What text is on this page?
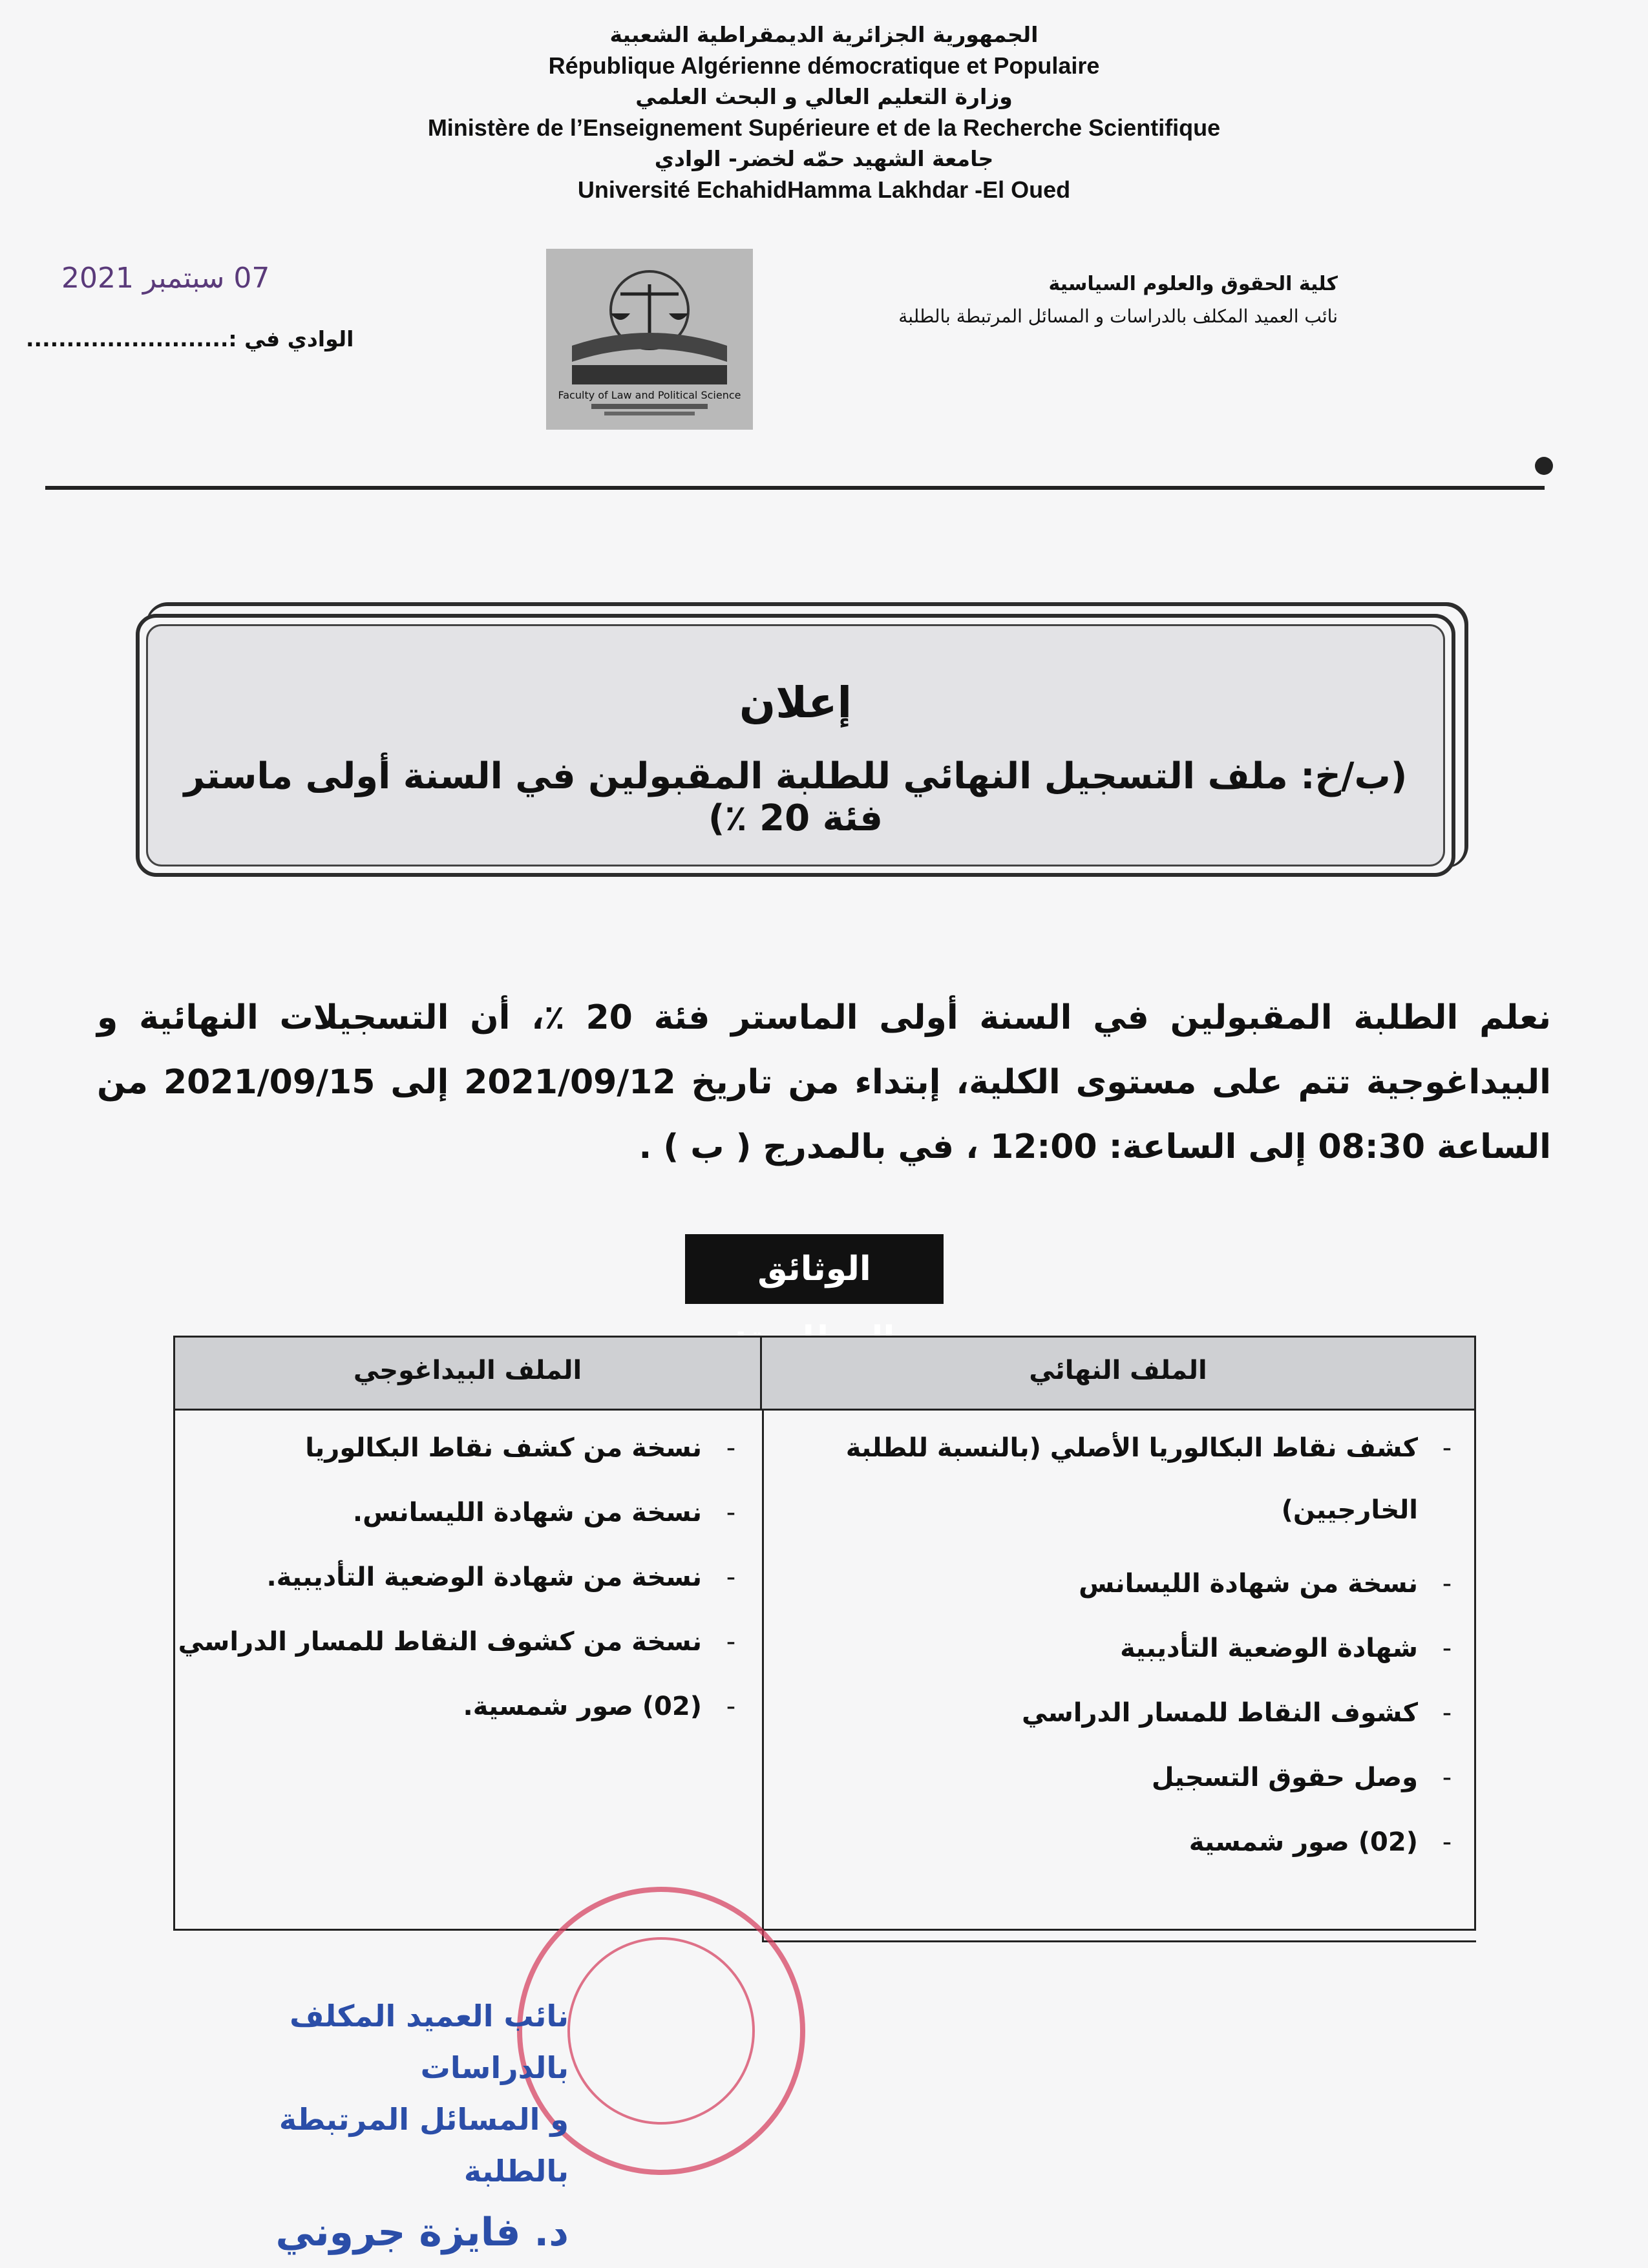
الجمهورية الجزائرية الديمقراطية الشعبية
République Algérienne démocratique et Populaire
وزارة التعليم العالي و البحث العلمي
Ministère de l’Enseignement Supérieure et de la Recherche Scientifique
جامعة الشهيد حمّه لخضر- الوادي
Université EchahidHamma Lakhdar -El Oued
07 سبتمبر 2021
الوادي في :.........................
كلية الحقوق والعلوم السياسية
نائب العميد المكلف بالدراسات و المسائل المرتبطة بالطلبة
Faculty of Law and Political Science
إعلان
(ب/خ: ملف التسجيل النهائي للطلبة المقبولين في السنة أولى ماستر فئة 20 ٪)
نعلم الطلبة المقبولين في السنة أولى الماستر فئة 20 ٪، أن التسجيلات النهائية و البيداغوجية تتم على مستوى الكلية، إبتداء من تاريخ 2021/09/12 إلى 2021/09/15 من الساعة 08:30 إلى الساعة: 12:00 ، في بالمدرج ( ب ) .
الوثائق
الملف البيداغوجي	الملف النهائي
-كشف نقاط البكالوريا الأصلي (بالنسبة للطلبة الخارجيين)
-نسخة من شهادة الليسانس
-شهادة الوضعية التأديبية
-كشوف النقاط للمسار الدراسي
-وصل حقوق التسجيل
-(02) صور شمسية
-نسخة من كشف نقاط البكالوريا
-نسخة من شهادة الليسانس.
-نسخة من شهادة الوضعية التأديبية.
-نسخة من كشوف النقاط للمسار الدراسي
-(02) صور شمسية.
نائب العميد المكلف بالدراسات
و المسائل المرتبطة بالطلبة
د. فايزة جروني
